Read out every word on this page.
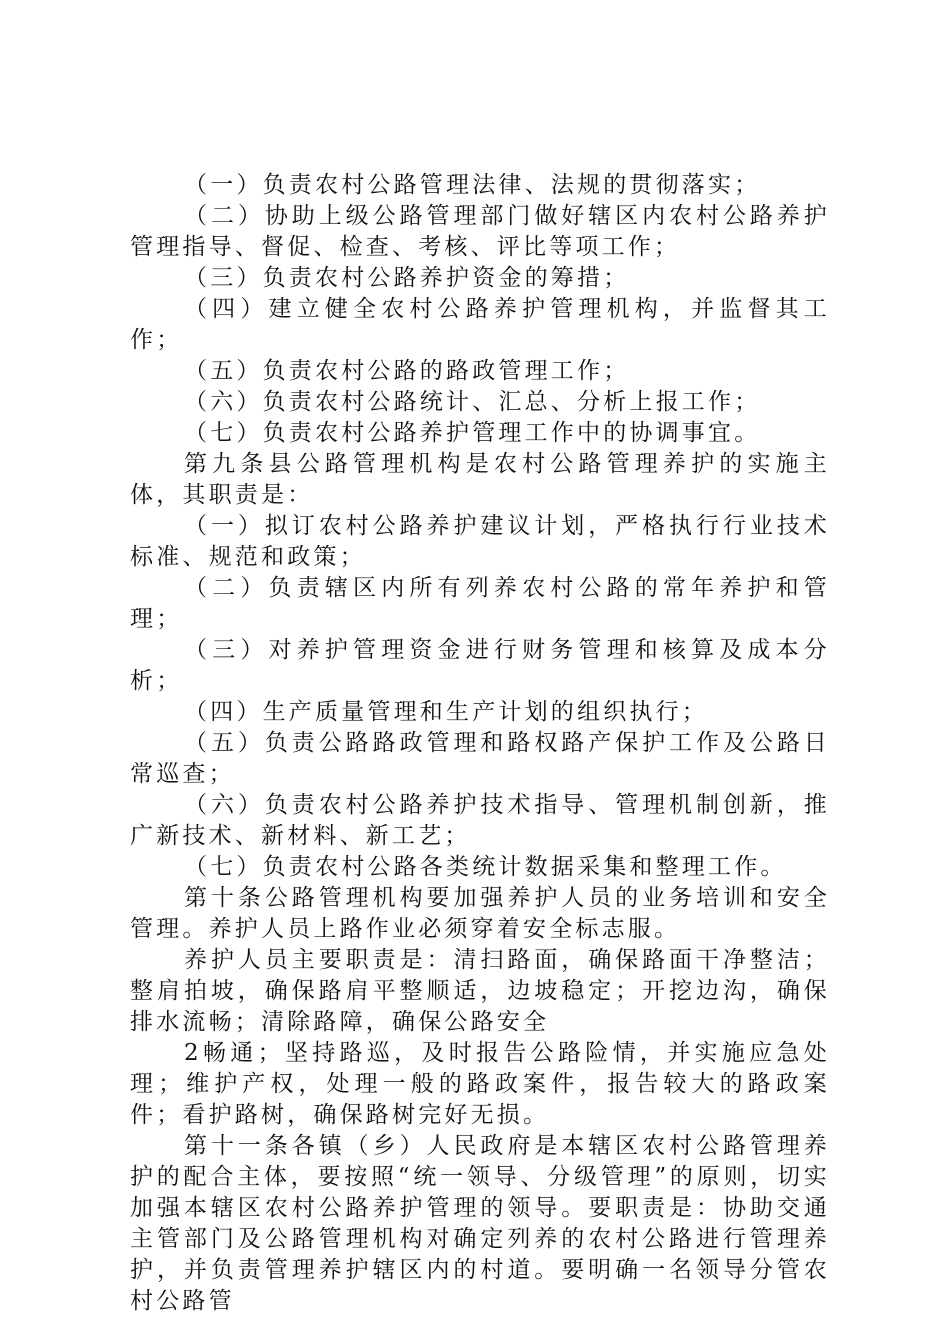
（一）负责农村公路管理法律、法规的贯彻落实；

（二）协助上级公路管理部门做好辖区内农村公路养护管理指导、督促、检查、考核、评比等项工作；

（三）负责农村公路养护资金的筹措；

（四）建立健全农村公路养护管理机构，并监督其工作；

（五）负责农村公路的路政管理工作；

（六）负责农村公路统计、汇总、分析上报工作；

（七）负责农村公路养护管理工作中的协调事宜。

第九条县公路管理机构是农村公路管理养护的实施主体，其职责是：

（一）拟订农村公路养护建议计划，严格执行行业技术标准、规范和政策；

（二）负责辖区内所有列养农村公路的常年养护和管理；

（三）对养护管理资金进行财务管理和核算及成本分析；

（四）生产质量管理和生产计划的组织执行；

（五）负责公路路政管理和路权路产保护工作及公路日常巡查；

（六）负责农村公路养护技术指导、管理机制创新，推广新技术、新材料、新工艺；

（七）负责农村公路各类统计数据采集和整理工作。

第十条公路管理机构要加强养护人员的业务培训和安全管理。养护人员上路作业必须穿着安全标志服。

养护人员主要职责是：清扫路面，确保路面干净整洁；整肩拍坡，确保路肩平整顺适，边坡稳定；开挖边沟，确保排水流畅；清除路障，确保公路安全

2畅通；坚持路巡，及时报告公路险情，并实施应急处理；维护产权，处理一般的路政案件，报告较大的路政案件；看护路树，确保路树完好无损。

第十一条各镇（乡）人民政府是本辖区农村公路管理养护的配合主体，要按照“统一领导、分级管理”的原则，切实加强本辖区农村公路养护管理的领导。要职责是：协助交通主管部门及公路管理机构对确定列养的农村公路进行管理养护，并负责管理养护辖区内的村道。要明确一名领导分管农村公路管
